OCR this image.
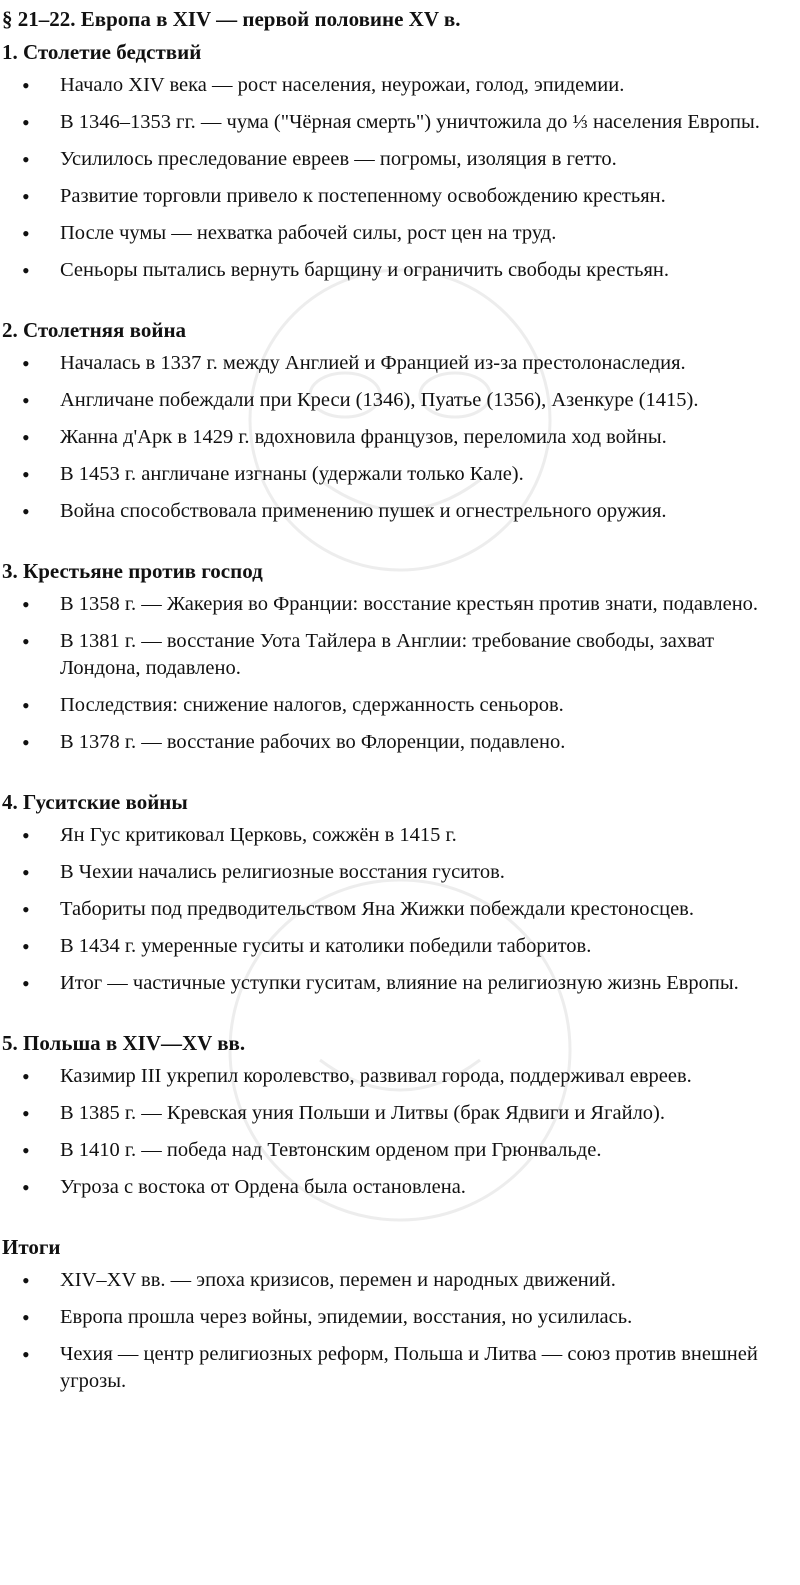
§ 21–22. Европа в XIV — первой половине XV в.
1. Столетие бедствий
• Начало XIV века — рост населения, неурожаи, голод, эпидемии.
• В 1346–1353 гг. — чума ("Чёрная смерть") уничтожила до ⅓ населения Европы.
• Усилилось преследование евреев — погромы, изоляция в гетто.
• Развитие торговли привело к постепенному освобождению крестьян.
• После чумы — нехватка рабочей силы, рост цен на труд.
• Сеньоры пытались вернуть барщину и ограничить свободы крестьян.
2. Столетняя война
• Началась в 1337 г. между Англией и Францией из-за престолонаследия.
• Англичане побеждали при Креси (1346), Пуатье (1356), Азенкуре (1415).
• Жанна д'Арк в 1429 г. вдохновила французов, переломила ход войны.
• В 1453 г. англичане изгнаны (удержали только Кале).
• Война способствовала применению пушек и огнестрельного оружия.
3. Крестьяне против господ
• В 1358 г. — Жакерия во Франции: восстание крестьян против знати, подавлено.
• В 1381 г. — восстание Уота Тайлера в Англии: требование свободы, захват Лондона, подавлено.
• Последствия: снижение налогов, сдержанность сеньоров.
• В 1378 г. — восстание рабочих во Флоренции, подавлено.
4. Гуситские войны
• Ян Гус критиковал Церковь, сожжён в 1415 г.
• В Чехии начались религиозные восстания гуситов.
• Табориты под предводительством Яна Жижки побеждали крестоносцев.
• В 1434 г. умеренные гуситы и католики победили таборитов.
• Итог — частичные уступки гуситам, влияние на религиозную жизнь Европы.
5. Польша в XIV—XV вв.
• Казимир III укрепил королевство, развивал города, поддерживал евреев.
• В 1385 г. — Кревская уния Польши и Литвы (брак Ядвиги и Ягайло).
• В 1410 г. — победа над Тевтонским орденом при Грюнвальде.
• Угроза с востока от Ордена была остановлена.
Итоги
• XIV–XV вв. — эпоха кризисов, перемен и народных движений.
• Европа прошла через войны, эпидемии, восстания, но усилилась.
• Чехия — центр религиозных реформ, Польша и Литва — союз против внешней угрозы.
